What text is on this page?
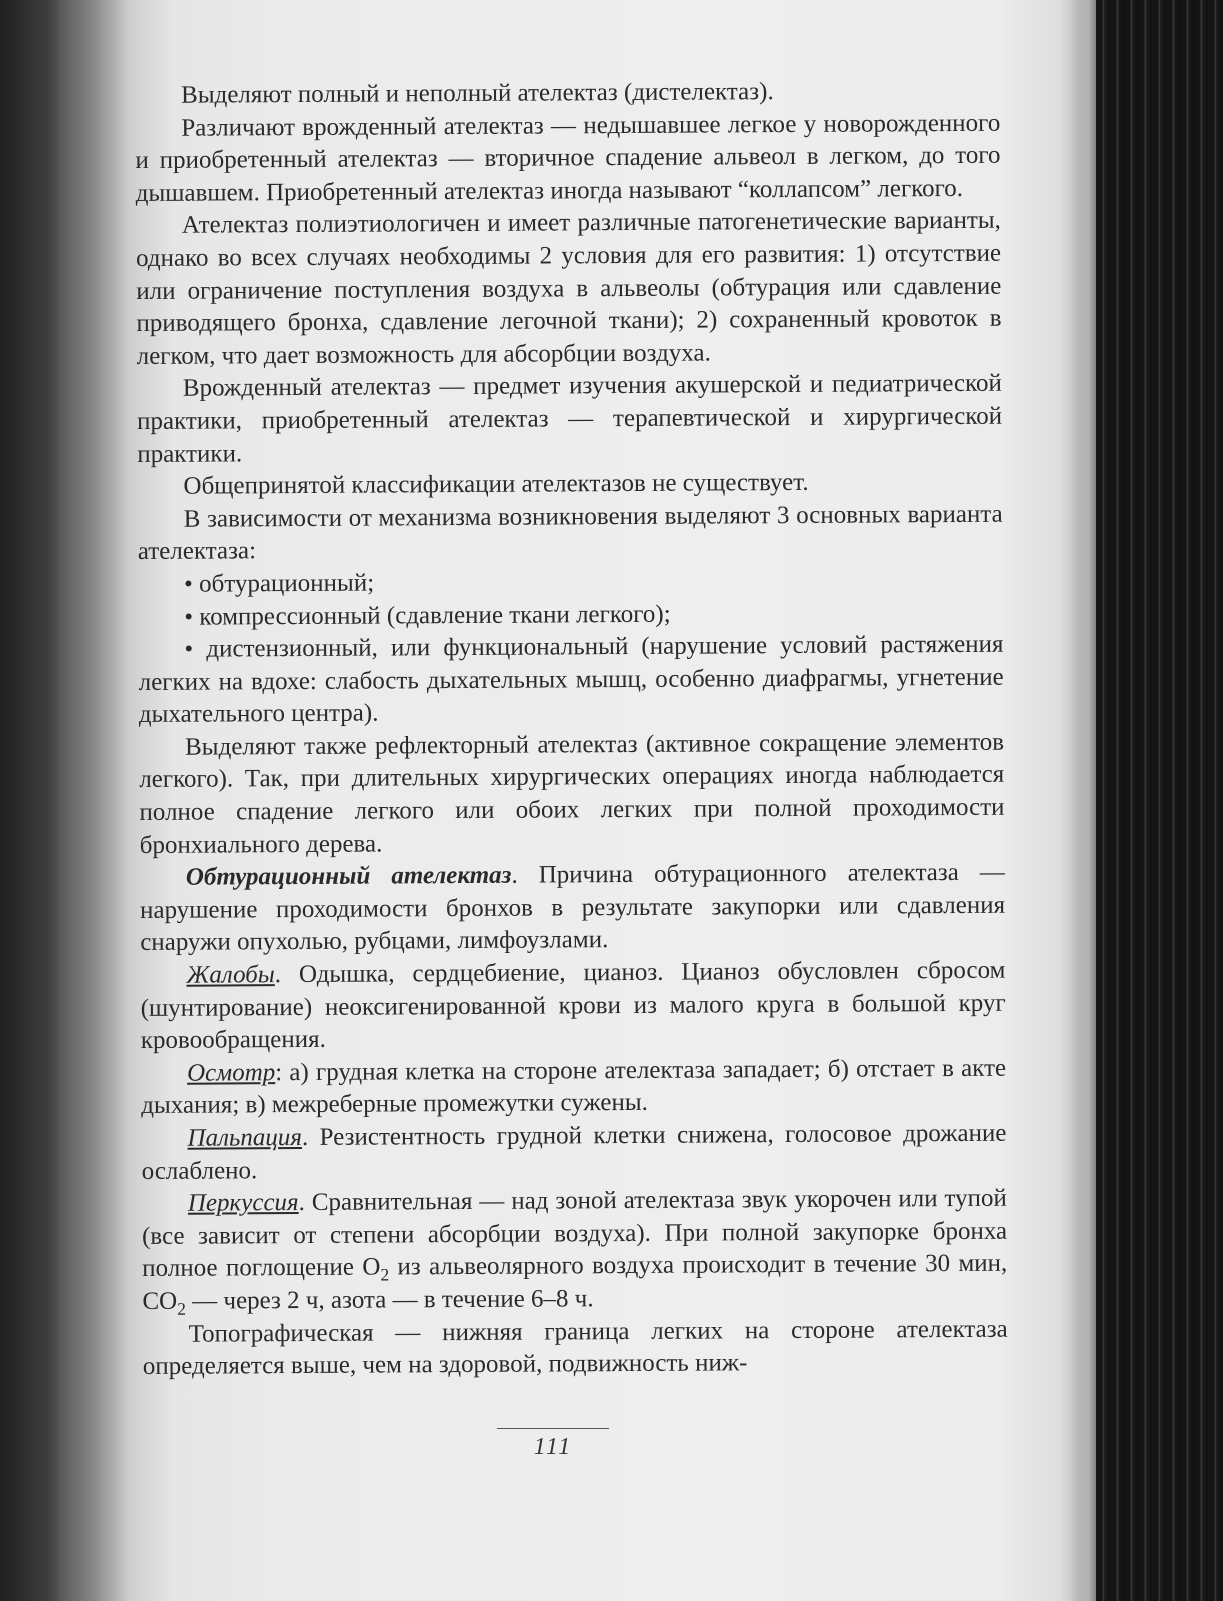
Выделяют полный и неполный ателектаз (дистелектаз).

Различают врожденный ателектаз — недышавшее легкое у новорожденного и приобретенный ателектаз — вторичное спадение альвеол в легком, до того дышавшем. Приобретенный ателектаз иногда называют “коллапсом” легкого.

Ателектаз полиэтиологичен и имеет различные патогенетические варианты, однако во всех случаях необходимы 2 условия для его развития: 1) отсутствие или ограничение поступления воздуха в альвеолы (обтурация или сдавление приводящего бронха, сдавление легочной ткани); 2) сохраненный кровоток в легком, что дает возможность для абсорбции воздуха.

Врожденный ателектаз — предмет изучения акушерской и педиатрической практики, приобретенный ателектаз — терапевтической и хирургической практики.

Общепринятой классификации ателектазов не существует.

В зависимости от механизма возникновения выделяют 3 основных варианта ателектаза:

• обтурационный;

• компрессионный (сдавление ткани легкого);

• дистензионный, или функциональный (нарушение условий растяжения легких на вдохе: слабость дыхательных мышц, особенно диафрагмы, угнетение дыхательного центра).

Выделяют также рефлекторный ателектаз (активное сокращение элементов легкого). Так, при длительных хирургических операциях иногда наблюдается полное спадение легкого или обоих легких при полной проходимости бронхиального дерева.

Обтурационный ателектаз. Причина обтурационного ателектаза — нарушение проходимости бронхов в результате закупорки или сдавления снаружи опухолью, рубцами, лимфоузлами.

Жалобы. Одышка, сердцебиение, цианоз. Цианоз обусловлен сбросом (шунтирование) неоксигенированной крови из малого круга в большой круг кровообращения.

Осмотр: а) грудная клетка на стороне ателектаза западает; б) отстает в акте дыхания; в) межреберные промежутки сужены.

Пальпация. Резистентность грудной клетки снижена, голосовое дрожание ослаблено.

Перкуссия. Сравнительная — над зоной ателектаза звук укорочен или тупой (все зависит от степени абсорбции воздуха). При полной закупорке бронха полное поглощение $O_2$ из альвеолярного воздуха происходит в течение 30 мин, $CO_2$ — через 2 ч, азота — в течение 6–8 ч.

Топографическая — нижняя граница легких на стороне ателектаза определяется выше, чем на здоровой, подвижность ниж-

111
